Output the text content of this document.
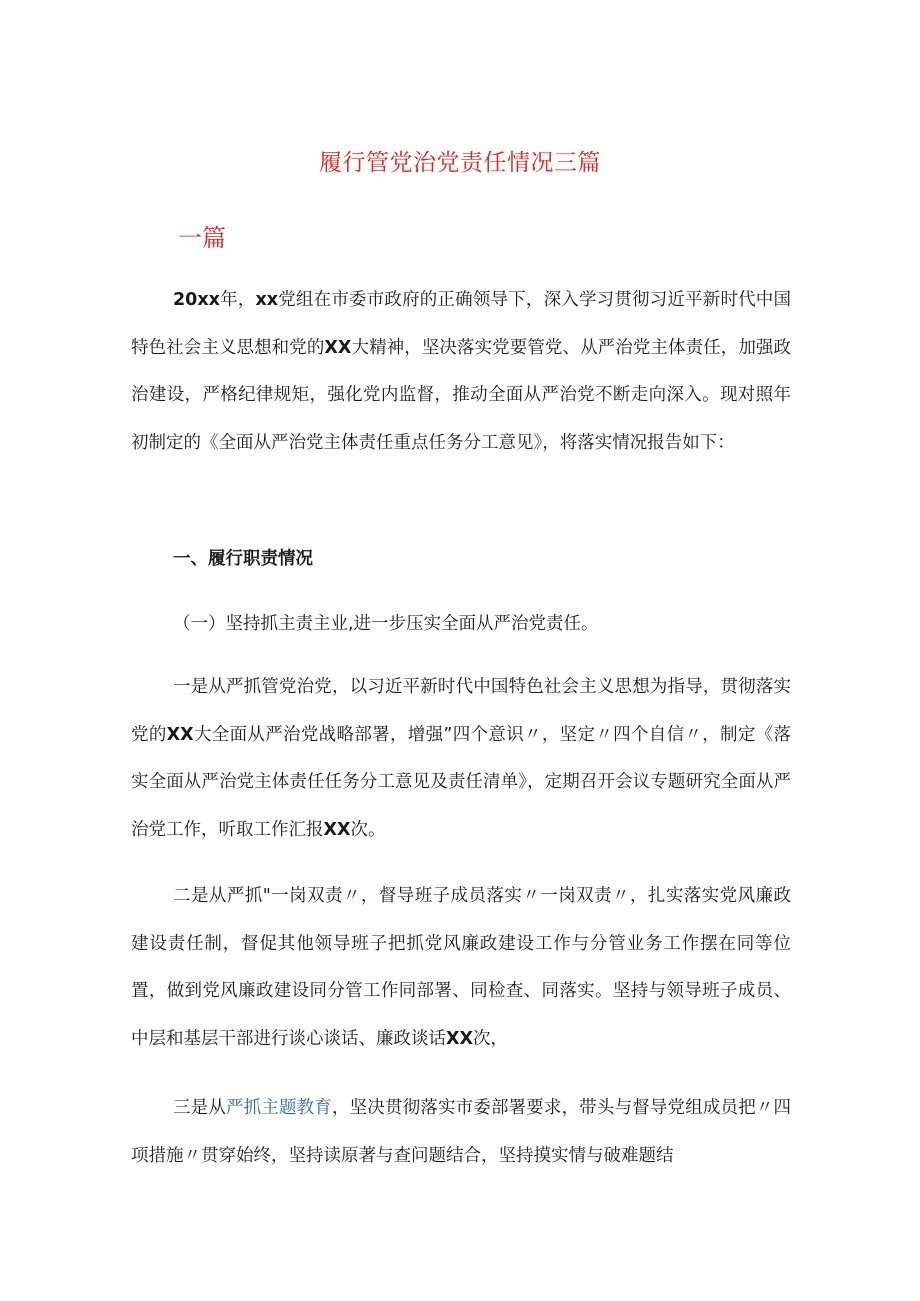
履行管党治党责任情况三篇
一篇

20xx年，xx党组在市委市政府的正确领导下，深入学习贯彻习近平新时代中国特色社会主义思想和党的XX大精神，坚决落实党要管党、从严治党主体责任，加强政治建设，严格纪律规矩，强化党内监督，推动全面从严治党不断走向深入。现对照年初制定的《全面从严治党主体责任重点任务分工意见》，将落实情况报告如下：

一、履行职责情况
（一）坚持抓主责主业,进一步压实全面从严治党责任。

一是从严抓管党治党，以习近平新时代中国特色社会主义思想为指导，贯彻落实党的XX大全面从严治党战略部署，增强”四个意识〃，坚定〃四个自信〃，制定《落实全面从严治党主体责任任务分工意见及责任清单》，定期召开会议专题研究全面从严治党工作，听取工作汇报XX次。

二是从严抓"一岗双责〃，督导班子成员落实〃一岗双责〃，扎实落实党风廉政建设责任制，督促其他领导班子把抓党风廉政建设工作与分管业务工作摆在同等位置，做到党风廉政建设同分管工作同部署、同检查、同落实。坚持与领导班子成员、中层和基层干部进行谈心谈话、廉政谈话XX次，

三是从严抓主题教育，坚决贯彻落实市委部署要求，带头与督导党组成员把〃四项措施〃贯穿始终，坚持读原著与查问题结合，坚持摸实情与破难题结
